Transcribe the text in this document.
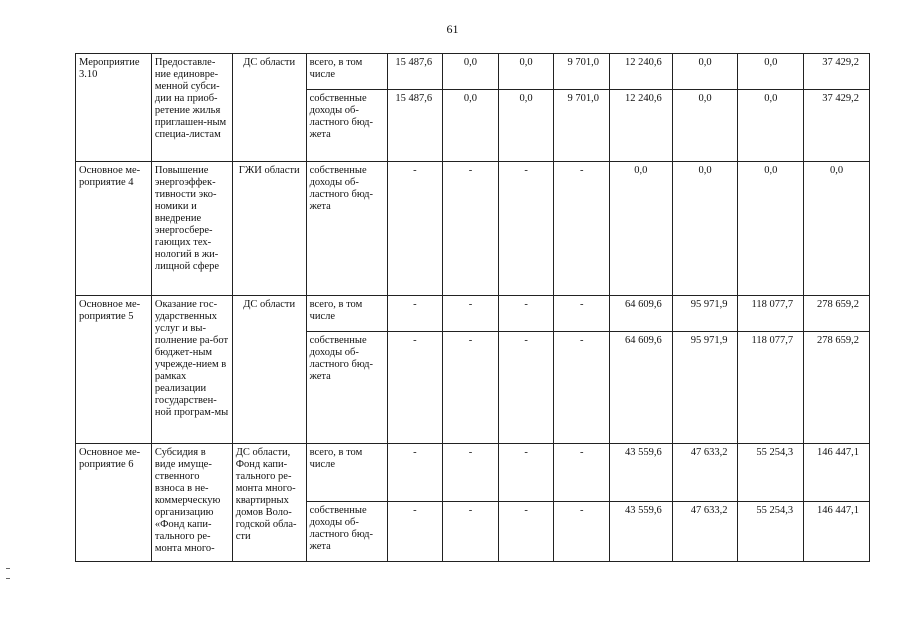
61
Мероприятие 3.10	Предоставле-ние единовре-менной субси-дии на приоб-ретение жилья приглашен-ным специа-листам	ДС области	всего, в том числе	15 487,6	0,0	0,0	9 701,0	12 240,6	0,0	0,0	37 429,2
			собственные доходы об-ластного бюд-жета	15 487,6	0,0	0,0	9 701,0	12 240,6	0,0	0,0	37 429,2
Основное ме-роприятие 4	Повышение энергоэффек-тивности эко-номики и внедрение энергосбере-гающих тех-нологий в жи-лищной сфере	ГЖИ области	собственные доходы об-ластного бюд-жета	-	-	-	-	0,0	0,0	0,0	0,0
Основное ме-роприятие 5	Оказание гос-ударственных услуг и вы-полнение ра-бот бюджет-ным учрежде-нием в рамках реализации государствен-ной програм-мы	ДС области	всего, в том числе	-	-	-	-	64 609,6	95 971,9	118 077,7	278 659,2
			собственные доходы об-ластного бюд-жета	-	-	-	-	64 609,6	95 971,9	118 077,7	278 659,2
Основное ме-роприятие 6	Субсидия в виде имуще-ственного взноса в не-коммерческую организацию «Фонд капи-тального ре-монта много-	ДС области, Фонд капи-тального ре-монта много-квартирных домов Воло-годской обла-сти	всего, в том числе	-	-	-	-	43 559,6	47 633,2	55 254,3	146 447,1
			собственные доходы об-ластного бюд-жета	-	-	-	-	43 559,6	47 633,2	55 254,3	146 447,1
